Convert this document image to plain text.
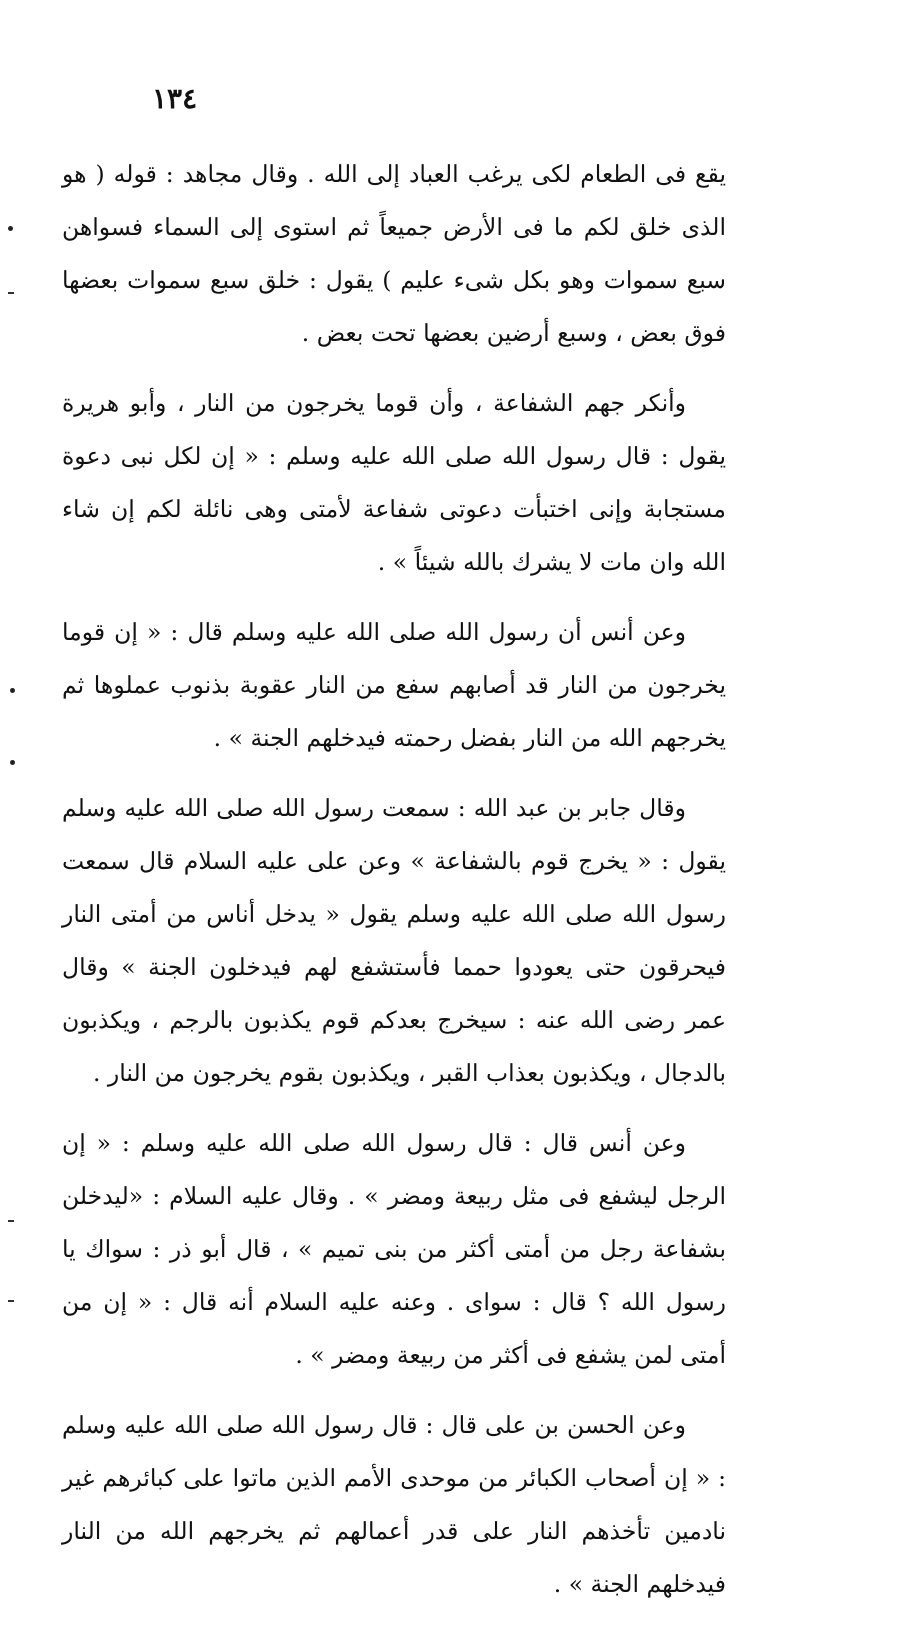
١٣٤

يقع فى الطعام لكى يرغب العباد إلى الله . وقال مجاهد : قوله ( هو الذى خلق لكم ما فى الأرض جميعاً ثم استوى إلى السماء فسواهن سبع سموات وهو بكل شىء عليم ) يقول : خلق سبع سموات بعضها فوق بعض ، وسبع أرضين بعضها تحت بعض .

وأنكر جهم الشفاعة ، وأن قوما يخرجون من النار ، وأبو هريرة يقول : قال رسول الله صلى الله عليه وسلم : « إن لكل نبى دعوة مستجابة وإنى اختبأت دعوتى شفاعة لأمتى وهى نائلة لكم إن شاء الله وان مات لا يشرك بالله شيئاً » .

وعن أنس أن رسول الله صلى الله عليه وسلم قال : « إن قوما يخرجون من النار قد أصابهم سفع من النار عقوبة بذنوب عملوها ثم يخرجهم الله من النار بفضل رحمته فيدخلهم الجنة » .

وقال جابر بن عبد الله : سمعت رسول الله صلى الله عليه وسلم يقول : « يخرج قوم بالشفاعة » وعن على عليه السلام قال سمعت رسول الله صلى الله عليه وسلم يقول « يدخل أناس من أمتى النار فيحرقون حتى يعودوا حمما فأستشفع لهم فيدخلون الجنة » وقال عمر رضى الله عنه : سيخرج بعدكم قوم يكذبون بالرجم ، ويكذبون بالدجال ، ويكذبون بعذاب القبر ، ويكذبون بقوم يخرجون من النار .

وعن أنس قال : قال رسول الله صلى الله عليه وسلم : « إن الرجل ليشفع فى مثل ربيعة ومضر » . وقال عليه السلام : «ليدخلن بشفاعة رجل من أمتى أكثر من بنى تميم » ، قال أبو ذر : سواك يا رسول الله ؟ قال : سواى . وعنه عليه السلام أنه قال : « إن من أمتى لمن يشفع فى أكثر من ربيعة ومضر » .

وعن الحسن بن على قال : قال رسول الله صلى الله عليه وسلم : « إن أصحاب الكبائر من موحدى الأمم الذين ماتوا على كبائرهم غير نادمين تأخذهم النار على قدر أعمالهم ثم يخرجهم الله من النار فيدخلهم الجنة » .
